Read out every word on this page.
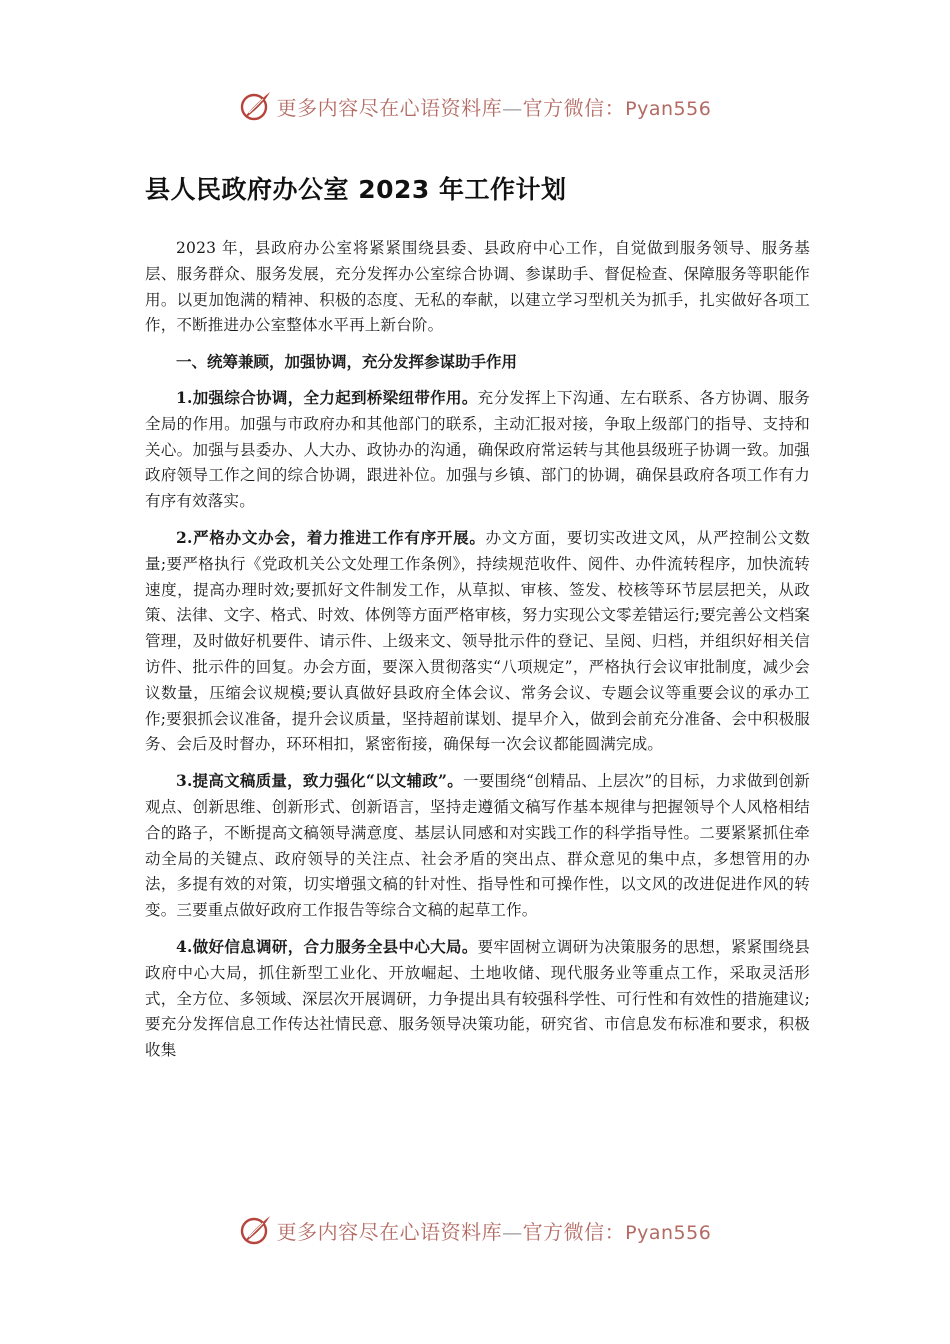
更多内容尽在心语资料库—官方微信：Pyan556
县人民政府办公室 2023 年工作计划

2023 年，县政府办公室将紧紧围绕县委、县政府中心工作，自觉做到服务领导、服务基层、服务群众、服务发展，充分发挥办公室综合协调、参谋助手、督促检查、保障服务等职能作用。以更加饱满的精神、积极的态度、无私的奉献，以建立学习型机关为抓手，扎实做好各项工作，不断推进办公室整体水平再上新台阶。

一、统筹兼顾，加强协调，充分发挥参谋助手作用

1.加强综合协调，全力起到桥梁纽带作用。充分发挥上下沟通、左右联系、各方协调、服务全局的作用。加强与市政府办和其他部门的联系，主动汇报对接，争取上级部门的指导、支持和关心。加强与县委办、人大办、政协办的沟通，确保政府常运转与其他县级班子协调一致。加强政府领导工作之间的综合协调，跟进补位。加强与乡镇、部门的协调，确保县政府各项工作有力有序有效落实。

2.严格办文办会，着力推进工作有序开展。办文方面，要切实改进文风，从严控制公文数量;要严格执行《党政机关公文处理工作条例》，持续规范收件、阅件、办件流转程序，加快流转速度，提高办理时效;要抓好文件制发工作，从草拟、审核、签发、校核等环节层层把关，从政策、法律、文字、格式、时效、体例等方面严格审核，努力实现公文零差错运行;要完善公文档案管理，及时做好机要件、请示件、上级来文、领导批示件的登记、呈阅、归档，并组织好相关信访件、批示件的回复。办会方面，要深入贯彻落实“八项规定”，严格执行会议审批制度，减少会议数量，压缩会议规模;要认真做好县政府全体会议、常务会议、专题会议等重要会议的承办工作;要狠抓会议准备，提升会议质量，坚持超前谋划、提早介入，做到会前充分准备、会中积极服务、会后及时督办，环环相扣，紧密衔接，确保每一次会议都能圆满完成。

3.提高文稿质量，致力强化“以文辅政”。一要围绕“创精品、上层次”的目标，力求做到创新观点、创新思维、创新形式、创新语言，坚持走遵循文稿写作基本规律与把握领导个人风格相结合的路子，不断提高文稿领导满意度、基层认同感和对实践工作的科学指导性。二要紧紧抓住牵动全局的关键点、政府领导的关注点、社会矛盾的突出点、群众意见的集中点，多想管用的办法，多提有效的对策，切实增强文稿的针对性、指导性和可操作性，以文风的改进促进作风的转变。三要重点做好政府工作报告等综合文稿的起草工作。

4.做好信息调研，合力服务全县中心大局。要牢固树立调研为决策服务的思想，紧紧围绕县政府中心大局，抓住新型工业化、开放崛起、土地收储、现代服务业等重点工作，采取灵活形式，全方位、多领域、深层次开展调研，力争提出具有较强科学性、可行性和有效性的措施建议;要充分发挥信息工作传达社情民意、服务领导决策功能，研究省、市信息发布标准和要求，积极收集

更多内容尽在心语资料库—官方微信：Pyan556
